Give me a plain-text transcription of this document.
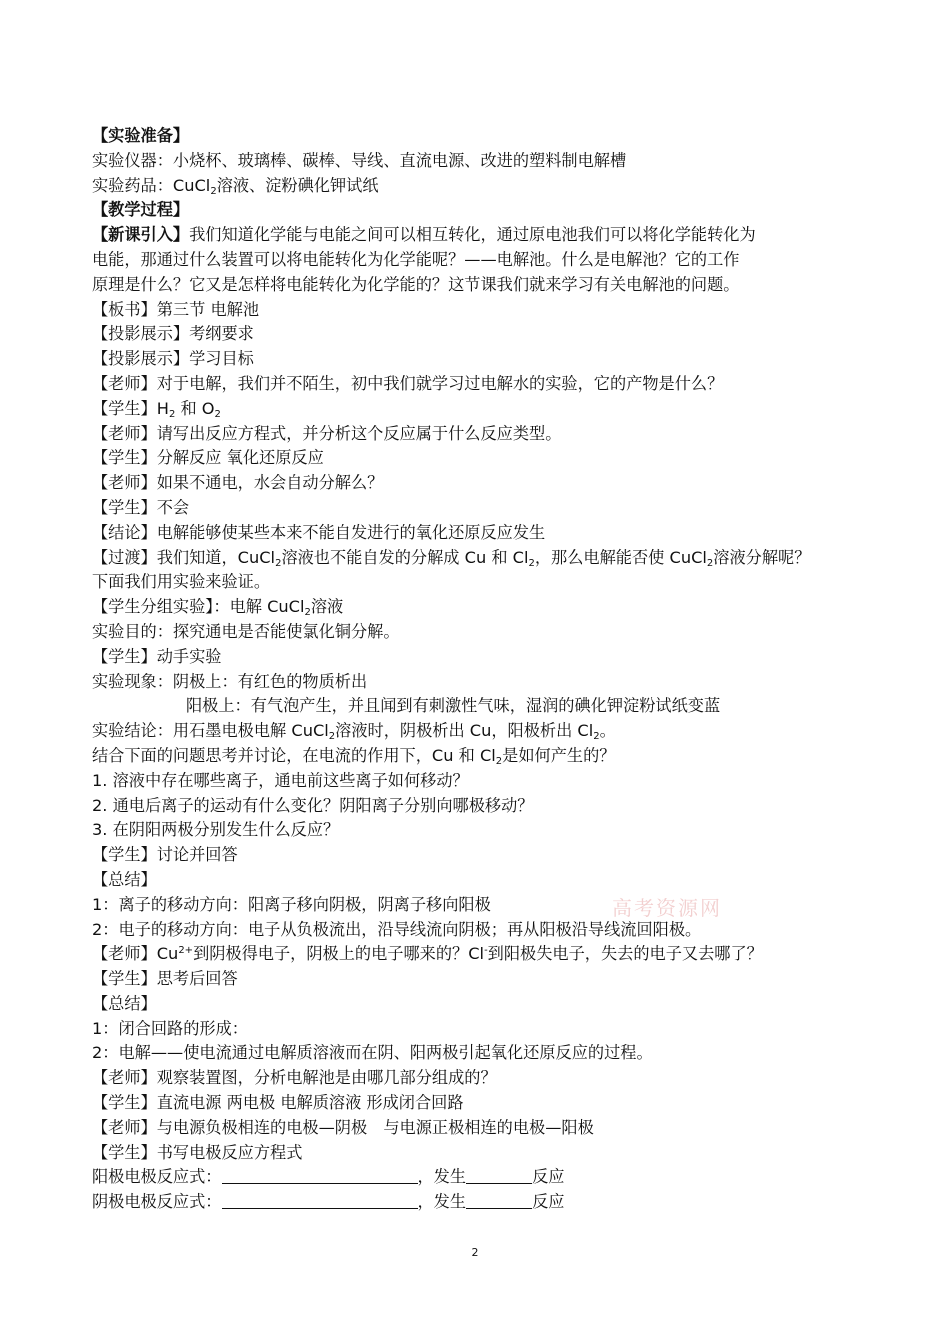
【实验准备】
实验仪器：小烧杯、玻璃棒、碳棒、导线、直流电源、改进的塑料制电解槽
实验药品：CuCl$_2$溶液、淀粉碘化钾试纸
【教学过程】
【新课引入】我们知道化学能与电能之间可以相互转化，通过原电池我们可以将化学能转化为
电能，那通过什么装置可以将电能转化为化学能呢？——电解池。什么是电解池？它的工作
原理是什么？它又是怎样将电能转化为化学能的？这节课我们就来学习有关电解池的问题。
【板书】第三节 电解池
【投影展示】考纲要求
【投影展示】学习目标
【老师】对于电解，我们并不陌生，初中我们就学习过电解水的实验，它的产物是什么？
【学生】$H_2$ 和 $O_2$
【老师】请写出反应方程式，并分析这个反应属于什么反应类型。
【学生】分解反应 氧化还原反应
【老师】如果不通电，水会自动分解么？
【学生】不会
【结论】电解能够使某些本来不能自发进行的氧化还原反应发生
【过渡】我们知道，CuCl$_2$溶液也不能自发的分解成 Cu 和 $Cl_2$，那么电解能否使 CuCl$_2$溶液分解呢？
下面我们用实验来验证。
【学生分组实验】：电解 CuCl$_2$溶液
实验目的：探究通电是否能使氯化铜分解。
【学生】动手实验
实验现象：阴极上：有红色的物质析出
阳极上：有气泡产生，并且闻到有刺激性气味，湿润的碘化钾淀粉试纸变蓝
实验结论：用石墨电极电解 CuCl$_2$溶液时，阴极析出 Cu，阳极析出 $Cl_2$。
结合下面的问题思考并讨论，在电流的作用下，Cu 和 $Cl_2$是如何产生的？
1. 溶液中存在哪些离子，通电前这些离子如何移动？
2. 通电后离子的运动有什么变化？阴阳离子分别向哪极移动？
3. 在阴阳两极分别发生什么反应？
【学生】讨论并回答
【总结】
1：离子的移动方向：阳离子移向阴极，阴离子移向阳极
2：电子的移动方向：电子从负极流出，沿导线流向阴极；再从阳极沿导线流回阳极。
【老师】$Cu^{2+}$到阴极得电子，阴极上的电子哪来的？Cl-到阳极失电子，失去的电子又去哪了？
【学生】思考后回答
【总结】
1：闭合回路的形成：
2：电解——使电流通过电解质溶液而在阴、阳两极引起氧化还原反应的过程。
【老师】观察装置图，分析电解池是由哪几部分组成的？
【学生】直流电源 两电极 电解质溶液 形成闭合回路
【老师】与电源负极相连的电极—阴极　与电源正极相连的电极—阳极
【学生】书写电极反应方程式
阳极电极反应式：	，发生	反应
阴极电极反应式：	，发生	反应
高考资源网
2
